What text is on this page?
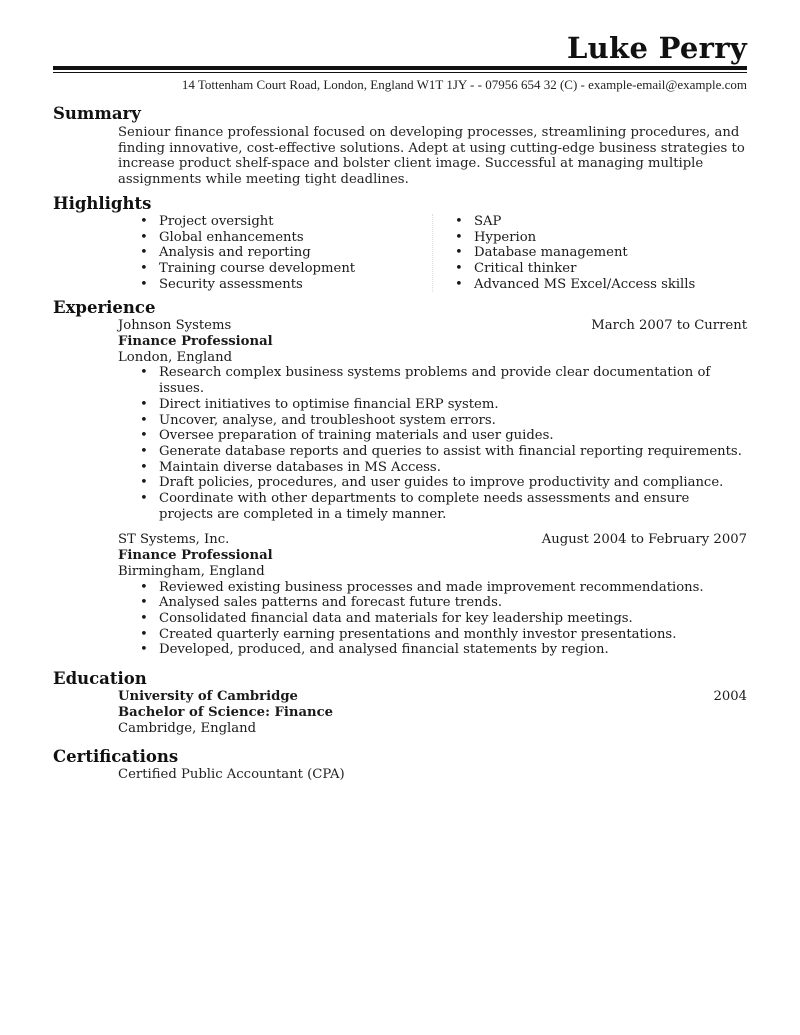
Luke Perry
14 Tottenham Court Road, London, England W1T 1JY - - 07956 654 32 (C) - example-email@example.com
Summary
Seniour finance professional focused on developing processes, streamlining procedures, and finding innovative, cost-effective solutions. Adept at using cutting-edge business strategies to increase product shelf-space and bolster client image. Successful at managing multiple assignments while meeting tight deadlines.
Highlights
• Project oversight
• Global enhancements
• Analysis and reporting
• Training course development
• Security assessments
• SAP
• Hyperion
• Database management
• Critical thinker
• Advanced MS Excel/Access skills
Experience
Johnson Systems	March 2007 to Current
Finance Professional
London, England
• Research complex business systems problems and provide clear documentation of issues.
• Direct initiatives to optimise financial ERP system.
• Uncover, analyse, and troubleshoot system errors.
• Oversee preparation of training materials and user guides.
• Generate database reports and queries to assist with financial reporting requirements.
• Maintain diverse databases in MS Access.
• Draft policies, procedures, and user guides to improve productivity and compliance.
• Coordinate with other departments to complete needs assessments and ensure projects are completed in a timely manner.
ST Systems, Inc.	August 2004 to February 2007
Finance Professional
Birmingham, England
• Reviewed existing business processes and made improvement recommendations.
• Analysed sales patterns and forecast future trends.
• Consolidated financial data and materials for key leadership meetings.
• Created quarterly earning presentations and monthly investor presentations.
• Developed, produced, and analysed financial statements by region.
Education
University of Cambridge	2004
Bachelor of Science: Finance
Cambridge, England
Certifications
Certified Public Accountant (CPA)
